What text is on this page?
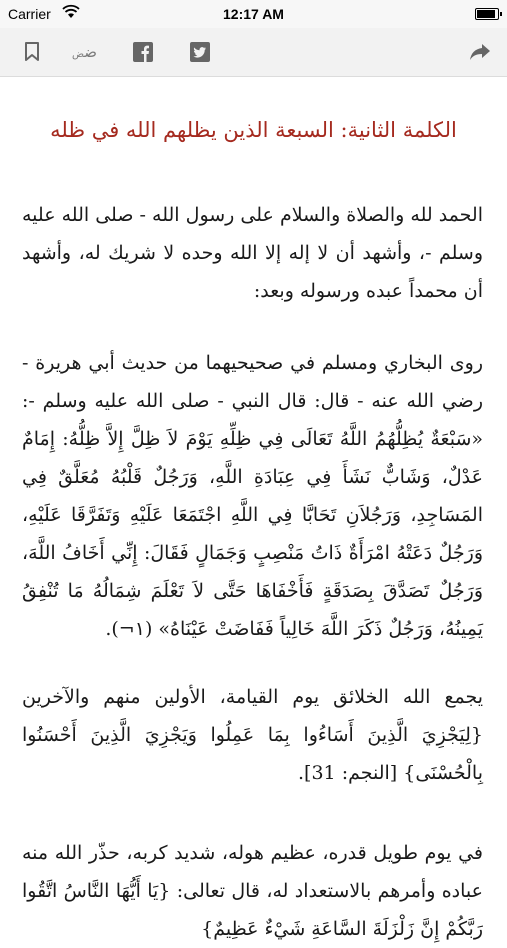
Carrier	12:17 AM
ضض
الكلمة الثانية: السبعة الذين يظلهم الله في ظله

الحمد لله والصلاة والسلام على رسول الله - صلى الله عليه وسلم -، وأشهد أن لا إله إلا الله وحده لا شريك له، وأشهد أن محمداً عبده ورسوله وبعد:

روى البخاري ومسلم في صحيحيهما من حديث أبي هريرة - رضي الله عنه - قال: قال النبي - صلى الله عليه وسلم -: «سَبْعَةٌ يُظِلُّهُمُ اللَّهُ تَعَالَى فِي ظِلِّهِ يَوْمَ لاَ ظِلَّ إِلاَّ ظِلُّهُ: إِمَامٌ عَدْلٌ، وَشَابٌّ نَشَأَ فِي عِبَادَةِ اللَّهِ، وَرَجُلٌ قَلْبُهُ مُعَلَّقٌ فِي المَسَاجِدِ، وَرَجُلاَنِ تَحَابَّا فِي اللَّهِ اجْتَمَعَا عَلَيْهِ وَتَفَرَّقَا عَلَيْهِ، وَرَجُلٌ دَعَتْهُ امْرَأَةٌ ذَاتُ مَنْصِبٍ وَجَمَالٍ فَقَالَ: إِنِّي أَخَافُ اللَّهَ، وَرَجُلٌ تَصَدَّقَ بِصَدَقَةٍ فَأَخْفَاهَا حَتَّى لاَ تَعْلَمَ شِمَالُهُ مَا تُنْفِقُ يَمِينُهُ، وَرَجُلٌ ذَكَرَ اللَّهَ خَالِياً فَفَاضَتْ عَيْنَاهُ» (١¬).

يجمع الله الخلائق يوم القيامة، الأولين منهم والآخرين {لِيَجْزِيَ الَّذِينَ أَسَاءُوا بِمَا عَمِلُوا وَيَجْزِيَ الَّذِينَ أَحْسَنُوا بِالْحُسْنَى} [النجم: 31].

في يوم طويل قدره، عظيم هوله، شديد كربه، حذّر الله منه عباده وأمرهم بالاستعداد له، قال تعالى: {يَا أَيُّهَا النَّاسُ اتَّقُوا رَبَّكُمْ إِنَّ زَلْزَلَةَ السَّاعَةِ شَيْءٌ عَظِيمٌ}
